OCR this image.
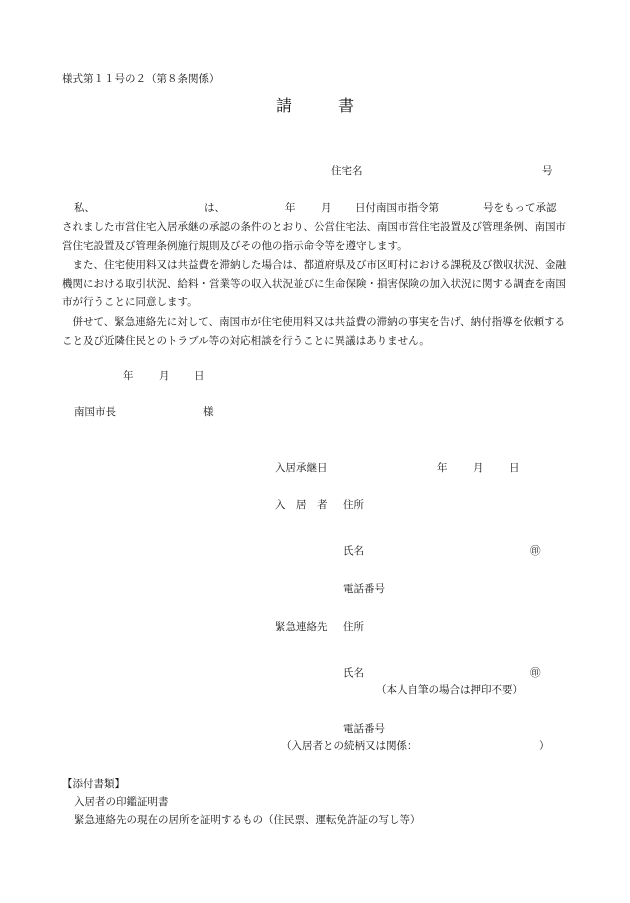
様式第１１号の２（第８条関係）
請	書
住宅名	号
私、	は、	年 月 日付南国市指令第	号をもって承認
されました市営住宅入居承継の承認の条件のとおり、公営住宅法、南国市営住宅設置及び管理条例、南国市営住宅設置及び管理条例施行規則及びその他の指示命令等を遵守します。
　また、住宅使用料又は共益費を滞納した場合は、都道府県及び市区町村における課税及び徴収状況、金融機関における取引状況、給料・営業等の収入状況並びに生命保険・損害保険の加入状況に関する調査を南国市が行うことに同意します。
　併せて、緊急連絡先に対して、南国市が住宅使用料又は共益費の滞納の事実を告げ、納付指導を依頼すること及び近隣住民とのトラブル等の対応相談を行うことに異議はありません。
年 月 日
南国市長	様
入居承継日	年 月 日
入　居　者 住所
氏名	㊞
電話番号
緊急連絡先 住所
氏名	㊞
（本人自筆の場合は押印不要）
電話番号
（入居者との続柄又は関係：	）
【添付書類】
入居者の印鑑証明書
緊急連絡先の現在の居所を証明するもの（住民票、運転免許証の写し等）
